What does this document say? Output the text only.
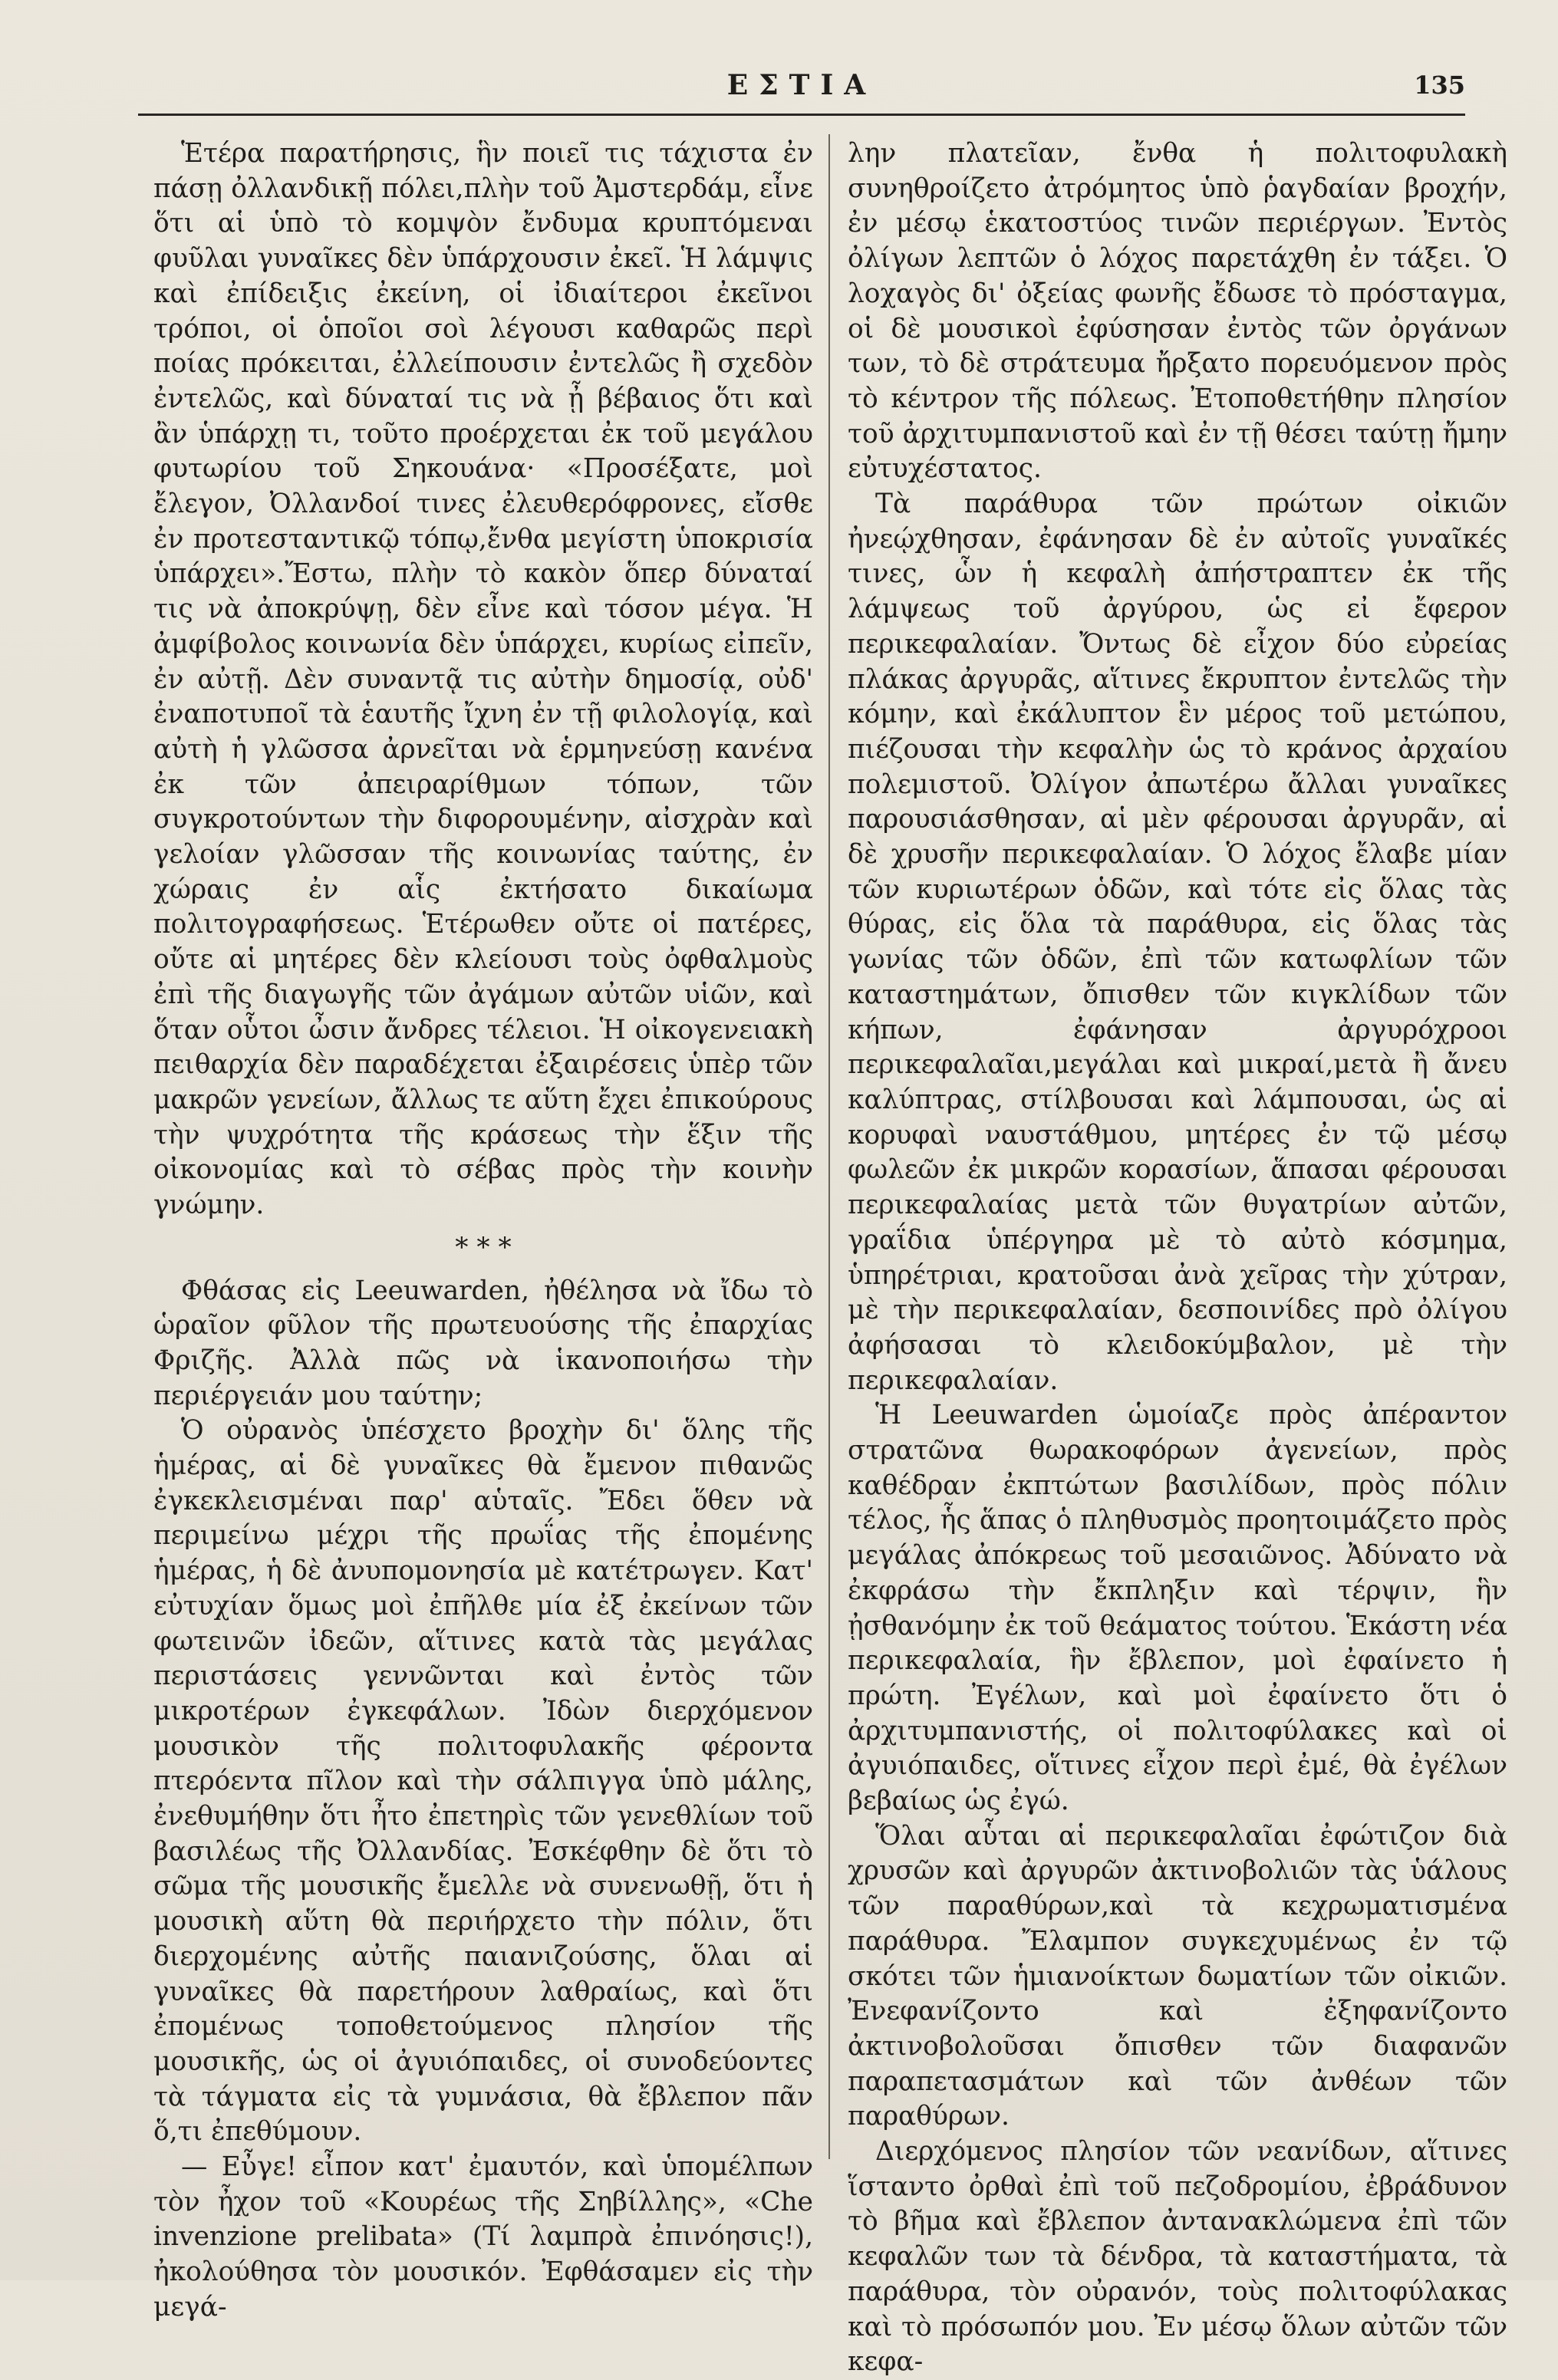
ΕΣΤΙΑ	135

Ἑτέρα παρατήρησις, ἣν ποιεῖ τις τάχιστα ἐν πάσῃ ὀλλανδικῇ πόλει,πλὴν τοῦ Ἀμστερδάμ, εἶνε ὅτι αἱ ὑπὸ τὸ κομψὸν ἔνδυμα κρυπτόμεναι φυῦλαι γυναῖκες δὲν ὑπάρχουσιν ἐκεῖ. Ἡ λάμψις καὶ ἐπίδειξις ἐκείνη, οἱ ἰδιαίτεροι ἐκεῖνοι τρόποι, οἱ ὁποῖοι σοὶ λέγουσι καθαρῶς περὶ ποίας πρόκειται, ἐλλείπουσιν ἐντελῶς ἢ σχεδὸν ἐντελῶς, καὶ δύναταί τις νὰ ᾖ βέβαιος ὅτι καὶ ἂν ὑπάρχῃ τι, τοῦτο προέρχεται ἐκ τοῦ μεγάλου φυτωρίου τοῦ Σηκουάνα· «Προσέξατε, μοὶ ἔλεγον, Ὀλλανδοί τινες ἐλευθερόφρονες, εἴσθε ἐν προτεσταντικῷ τόπῳ,ἔνθα μεγίστη ὑποκρισία ὑπάρχει».Ἔστω, πλὴν τὸ κακὸν ὅπερ δύναταί τις νὰ ἀποκρύψῃ, δὲν εἶνε καὶ τόσον μέγα. Ἡ ἀμφίβολος κοινωνία δὲν ὑπάρχει, κυρίως εἰπεῖν, ἐν αὐτῇ. Δὲν συναντᾷ τις αὐτὴν δημοσίᾳ, οὐδ' ἐναποτυποῖ τὰ ἑαυτῆς ἴχνη ἐν τῇ φιλολογίᾳ, καὶ αὐτὴ ἡ γλῶσσα ἀρνεῖται νὰ ἑρμηνεύσῃ κανένα ἐκ τῶν ἀπειραρίθμων τόπων, τῶν συγκροτούντων τὴν διφορουμένην, αἰσχρὰν καὶ γελοίαν γλῶσσαν τῆς κοινωνίας ταύτης, ἐν χώραις ἐν αἷς ἐκτήσατο δικαίωμα πολιτογραφήσεως. Ἑτέρωθεν οὔτε οἱ πατέρες, οὔτε αἱ μητέρες δὲν κλείουσι τοὺς ὀφθαλμοὺς ἐπὶ τῆς διαγωγῆς τῶν ἀγάμων αὐτῶν υἱῶν, καὶ ὅταν οὗτοι ὦσιν ἄνδρες τέλειοι. Ἡ οἰκογενειακὴ πειθαρχία δὲν παραδέχεται ἐξαιρέσεις ὑπὲρ τῶν μακρῶν γενείων, ἄλλως τε αὕτη ἔχει ἐπικούρους τὴν ψυχρότητα τῆς κράσεως τὴν ἕξιν τῆς οἰκονομίας καὶ τὸ σέβας πρὸς τὴν κοινὴν γνώμην.

* * *

Φθάσας εἰς Leeuwarden, ἠθέλησα νὰ ἴδω τὸ ὡραῖον φῦλον τῆς πρωτευούσης τῆς ἐπαρχίας Φριζῆς. Ἀλλὰ πῶς νὰ ἱκανοποιήσω τὴν περιέργειάν μου ταύτην;

Ὁ οὐρανὸς ὑπέσχετο βροχὴν δι' ὅλης τῆς ἡμέρας, αἱ δὲ γυναῖκες θὰ ἔμενον πιθανῶς ἐγκεκλεισμέναι παρ' αὑταῖς. Ἔδει ὅθεν νὰ περιμείνω μέχρι τῆς πρωΐας τῆς ἐπομένης ἡμέρας, ἡ δὲ ἀνυπομονησία μὲ κατέτρωγεν. Κατ' εὐτυχίαν ὅμως μοὶ ἐπῆλθε μία ἐξ ἐκείνων τῶν φωτεινῶν ἰδεῶν, αἵτινες κατὰ τὰς μεγάλας περιστάσεις γεννῶνται καὶ ἐντὸς τῶν μικροτέρων ἐγκεφάλων. Ἰδὼν διερχόμενον μουσικὸν τῆς πολιτοφυλακῆς φέροντα πτερόεντα πῖλον καὶ τὴν σάλπιγγα ὑπὸ μάλης, ἐνεθυμήθην ὅτι ἦτο ἐπετηρὶς τῶν γενεθλίων τοῦ βασιλέως τῆς Ὀλλανδίας. Ἐσκέφθην δὲ ὅτι τὸ σῶμα τῆς μουσικῆς ἔμελλε νὰ συνενωθῇ, ὅτι ἡ μουσικὴ αὕτη θὰ περιήρχετο τὴν πόλιν, ὅτι διερχομένης αὐτῆς παιανιζούσης, ὅλαι αἱ γυναῖκες θὰ παρετήρουν λαθραίως, καὶ ὅτι ἐπομένως τοποθετούμενος πλησίον τῆς μουσικῆς, ὡς οἱ ἀγυιόπαιδες, οἱ συνοδεύοντες τὰ τάγματα εἰς τὰ γυμνάσια, θὰ ἔβλεπον πᾶν ὅ,τι ἐπεθύμουν.

— Εὖγε! εἶπον κατ' ἐμαυτόν, καὶ ὑπομέλπων τὸν ἦχον τοῦ «Κουρέως τῆς Σηβίλλης», «Che invenzione prelibata» (Τί λαμπρὰ ἐπινόησις!), ἠκολούθησα τὸν μουσικόν. Ἐφθάσαμεν εἰς τὴν μεγά-

λην πλατεῖαν, ἔνθα ἡ πολιτοφυλακὴ συνηθροίζετο ἀτρόμητος ὑπὸ ῥαγδαίαν βροχήν, ἐν μέσῳ ἑκατοστύος τινῶν περιέργων. Ἐντὸς ὀλίγων λεπτῶν ὁ λόχος παρετάχθη ἐν τάξει. Ὁ λοχαγὸς δι' ὀξείας φωνῆς ἔδωσε τὸ πρόσταγμα, οἱ δὲ μουσικοὶ ἐφύσησαν ἐντὸς τῶν ὀργάνων των, τὸ δὲ στράτευμα ἤρξατο πορευόμενον πρὸς τὸ κέντρον τῆς πόλεως. Ἐτοποθετήθην πλησίον τοῦ ἀρχιτυμπανιστοῦ καὶ ἐν τῇ θέσει ταύτῃ ἤμην εὐτυχέστατος.

Τὰ παράθυρα τῶν πρώτων οἰκιῶν ἠνεῴχθησαν, ἐφάνησαν δὲ ἐν αὐτοῖς γυναῖκές τινες, ὧν ἡ κεφαλὴ ἀπήστραπτεν ἐκ τῆς λάμψεως τοῦ ἀργύρου, ὡς εἰ ἔφερον περικεφαλαίαν. Ὄντως δὲ εἶχον δύο εὐρείας πλάκας ἀργυρᾶς, αἵτινες ἔκρυπτον ἐντελῶς τὴν κόμην, καὶ ἐκάλυπτον ἓν μέρος τοῦ μετώπου, πιέζουσαι τὴν κεφαλὴν ὡς τὸ κράνος ἀρχαίου πολεμιστοῦ. Ὀλίγον ἀπωτέρω ἄλλαι γυναῖκες παρουσιάσθησαν, αἱ μὲν φέρουσαι ἀργυρᾶν, αἱ δὲ χρυσῆν περικεφαλαίαν. Ὁ λόχος ἔλαβε μίαν τῶν κυριωτέρων ὁδῶν, καὶ τότε εἰς ὅλας τὰς θύρας, εἰς ὅλα τὰ παράθυρα, εἰς ὅλας τὰς γωνίας τῶν ὁδῶν, ἐπὶ τῶν κατωφλίων τῶν καταστημάτων, ὄπισθεν τῶν κιγκλίδων τῶν κήπων, ἐφάνησαν ἀργυρόχροοι περικεφαλαῖαι,μεγάλαι καὶ μικραί,μετὰ ἢ ἄνευ καλύπτρας, στίλβουσαι καὶ λάμπουσαι, ὡς αἱ κορυφαὶ ναυστάθμου, μητέρες ἐν τῷ μέσῳ φωλεῶν ἐκ μικρῶν κορασίων, ἅπασαι φέρουσαι περικεφαλαίας μετὰ τῶν θυγατρίων αὐτῶν, γραΐδια ὑπέργηρα μὲ τὸ αὐτὸ κόσμημα, ὑπηρέτριαι, κρατοῦσαι ἀνὰ χεῖρας τὴν χύτραν, μὲ τὴν περικεφαλαίαν, δεσποινίδες πρὸ ὀλίγου ἀφήσασαι τὸ κλειδοκύμβαλον, μὲ τὴν περικεφαλαίαν.

Ἡ Leeuwarden ὡμοίαζε πρὸς ἀπέραντον στρατῶνα θωρακοφόρων ἀγενείων, πρὸς καθέδραν ἐκπτώτων βασιλίδων, πρὸς πόλιν τέλος, ἧς ἅπας ὁ πληθυσμὸς προητοιμάζετο πρὸς μεγάλας ἀπόκρεως τοῦ μεσαιῶνος. Ἀδύνατο νὰ ἐκφράσω τὴν ἔκπληξιν καὶ τέρψιν, ἣν ᾐσθανόμην ἐκ τοῦ θεάματος τούτου. Ἑκάστη νέα περικεφαλαία, ἣν ἔβλεπον, μοὶ ἐφαίνετο ἡ πρώτη. Ἐγέλων, καὶ μοὶ ἐφαίνετο ὅτι ὁ ἀρχιτυμπανιστής, οἱ πολιτοφύλακες καὶ οἱ ἀγυιόπαιδες, οἵτινες εἶχον περὶ ἐμέ, θὰ ἐγέλων βεβαίως ὡς ἐγώ.

Ὅλαι αὗται αἱ περικεφαλαῖαι ἐφώτιζον διὰ χρυσῶν καὶ ἀργυρῶν ἀκτινοβολιῶν τὰς ὑάλους τῶν παραθύρων,καὶ τὰ κεχρωματισμένα παράθυρα. Ἔλαμπον συγκεχυμένως ἐν τῷ σκότει τῶν ἡμιανοίκτων δωματίων τῶν οἰκιῶν. Ἐνεφανίζοντο καὶ ἐξηφανίζοντο ἀκτινοβολοῦσαι ὄπισθεν τῶν διαφανῶν παραπετασμάτων καὶ τῶν ἀνθέων τῶν παραθύρων.

Διερχόμενος πλησίον τῶν νεανίδων, αἵτινες ἵσταντο ὀρθαὶ ἐπὶ τοῦ πεζοδρομίου, ἐβράδυνον τὸ βῆμα καὶ ἔβλεπον ἀντανακλώμενα ἐπὶ τῶν κεφαλῶν των τὰ δένδρα, τὰ καταστήματα, τὰ παράθυρα, τὸν οὐρανόν, τοὺς πολιτοφύλακας καὶ τὸ πρόσωπόν μου. Ἐν μέσῳ ὅλων αὐτῶν τῶν κεφα-
